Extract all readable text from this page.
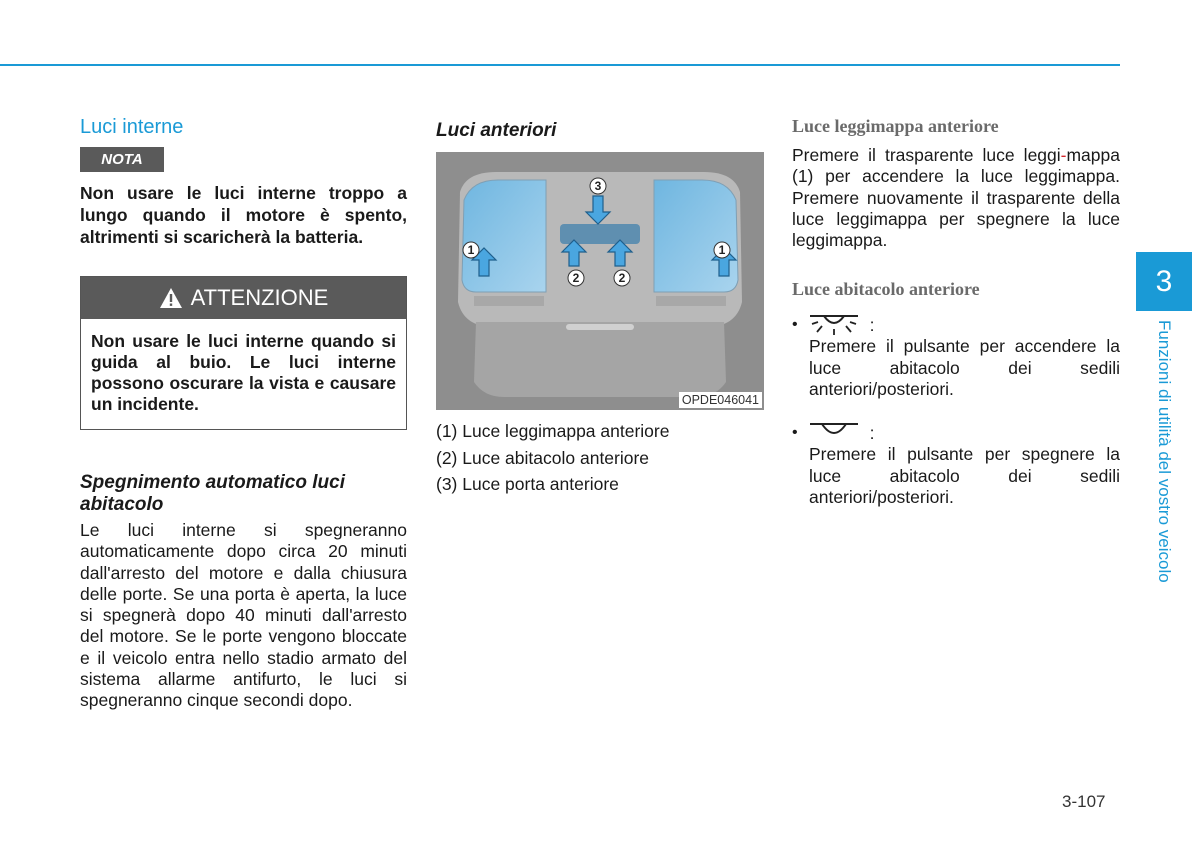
Luci interne
NOTA

Non usare le luci interne troppo a lungo quando il motore è spento, altrimenti si scaricherà la batteria.

ATTENZIONE
Non usare le luci interne quando si guida al buio. Le luci interne possono oscurare la vista e causare un incidente.
Spegnimento automatico luci abitacolo

Le luci interne si spegneranno automaticamente dopo circa 20 minuti dall'arresto del motore e dalla chiusura delle porte. Se una porta è aperta, la luce si spegnerà dopo 40 minuti dall'arresto del motore. Se le porte vengono bloccate e il veicolo entra nello stadio armato del sistema allarme antifurto, le luci si spegneranno cinque secondi dopo.

Luci anteriori
1
2	2
1
3
OPDE046041
(1) Luce leggimappa anteriore
(2) Luce abitacolo anteriore
(3) Luce porta anteriore
Luce leggimappa anteriore

Premere il trasparente luce leggi-mappa (1) per accendere la luce leggimappa. Premere nuovamente il trasparente della luce leggimappa per spegnere la luce leggimappa.

Luce abitacolo anteriore
•	:

Premere il pulsante per accendere la luce abitacolo dei sedili anteriori/posteriori.

•	:

Premere il pulsante per spegnere la luce abitacolo dei sedili anteriori/posteriori.

3
Funzioni di utilità del vostro veicolo
3-107
